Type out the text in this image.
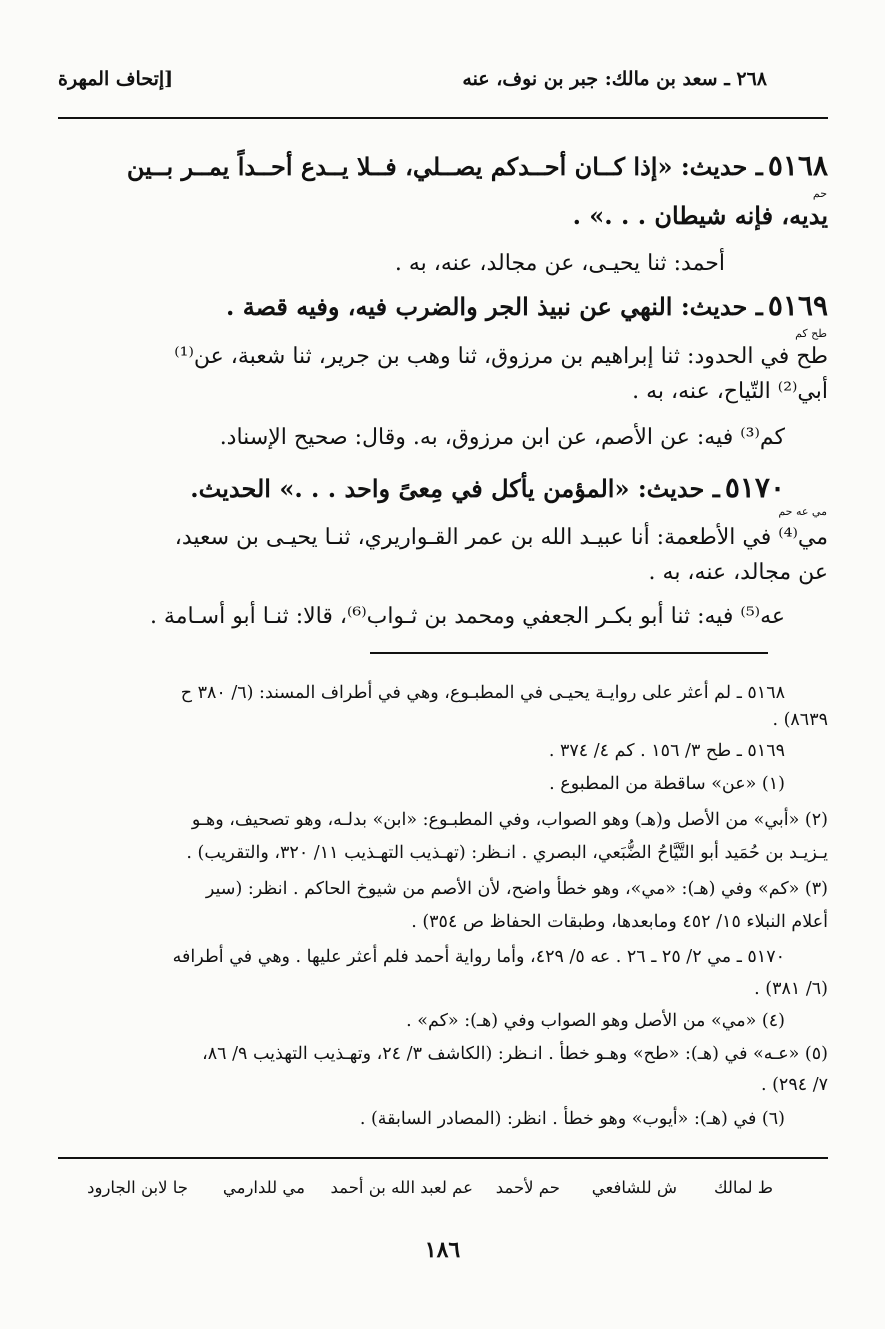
٢٦٨ ـ سعد بن مالك: جبر بن نوف، عنه
[إتحاف المهرة
٥١٦٨ ـ حديث: «إذا كــان أحــدكم يصــلي، فــلا يــدع أحــداً يمــر بــين
حم
يديه، فإنه شيطان . . .» .
أحمد: ثنا يحيـى، عن مجالد، عنه، به .
٥١٦٩ ـ حديث: النهي عن نبيذ الجر والضرب فيه، وفيه قصة .
طح كم
طح في الحدود: ثنا إبراهيم بن مرزوق، ثنا وهب بن جرير، ثنا شعبة، عن⁽¹⁾
أبي⁽²⁾ التّياح، عنه، به .
كم⁽³⁾ فيه: عن الأصم، عن ابن مرزوق، به. وقال: صحيح الإسناد.
٥١٧٠ ـ حديث: «المؤمن يأكل في مِعىً واحد . . .» الحديث.
مي عه حم
مي⁽⁴⁾ في الأطعمة: أنا عبيـد الله بن عمر القـواريري، ثنـا يحيـى بن سعيد،
عن مجالد، عنه، به .
عه⁽⁵⁾ فيه: ثنا أبو بكـر الجعفي ومحمد بن ثـواب⁽⁶⁾، قالا: ثنـا أبو أسـامة .
٥١٦٨ ـ لم أعثر على روايـة يحيـى في المطبـوع، وهي في أطراف المسند: (٦/ ٣٨٠ ح
٨٦٣٩) .
٥١٦٩ ـ طح ٣/ ١٥٦ . كم ٤/ ٣٧٤ .
(١) «عن» ساقطة من المطبوع .
(٢) «أبي» من الأصل و(هـ) وهو الصواب، وفي المطبـوع: «ابن» بدلـه، وهو تصحيف، وهـو
يـزيـد بن حُمَيد أبو التَّيَّاحُ الضُّبَعي، البصري . انـظر: (تهـذيب التهـذيب ١١/ ٣٢٠، والتقريب) .
(٣) «كم» وفي (هـ): «مي»، وهو خطأ واضح، لأن الأصم من شيوخ الحاكم . انظر: (سير
أعلام النبلاء ١٥/ ٤٥٢ ومابعدها، وطبقات الحفاظ ص ٣٥٤) .
٥١٧٠ ـ مي ٢/ ٢٥ ـ ٢٦ . عه ٥/ ٤٢٩، وأما رواية أحمد فلم أعثر عليها . وهي في أطرافه
(٦/ ٣٨١) .
(٤) «مي» من الأصل وهو الصواب وفي (هـ): «كم» .
(٥) «عـه» في (هـ): «طح» وهـو خطأ . انـظر: (الكاشف ٣/ ٢٤، وتهـذيب التهذيب ٩/ ٨٦،
٧/ ٢٩٤) .
(٦) في (هـ): «أيوب» وهو خطأ . انظر: (المصادر السابقة) .
ط لمالك
ش للشافعي
حم لأحمد
عم لعبد الله بن أحمد
مي للدارمي
جا لابن الجارود
١٨٦
